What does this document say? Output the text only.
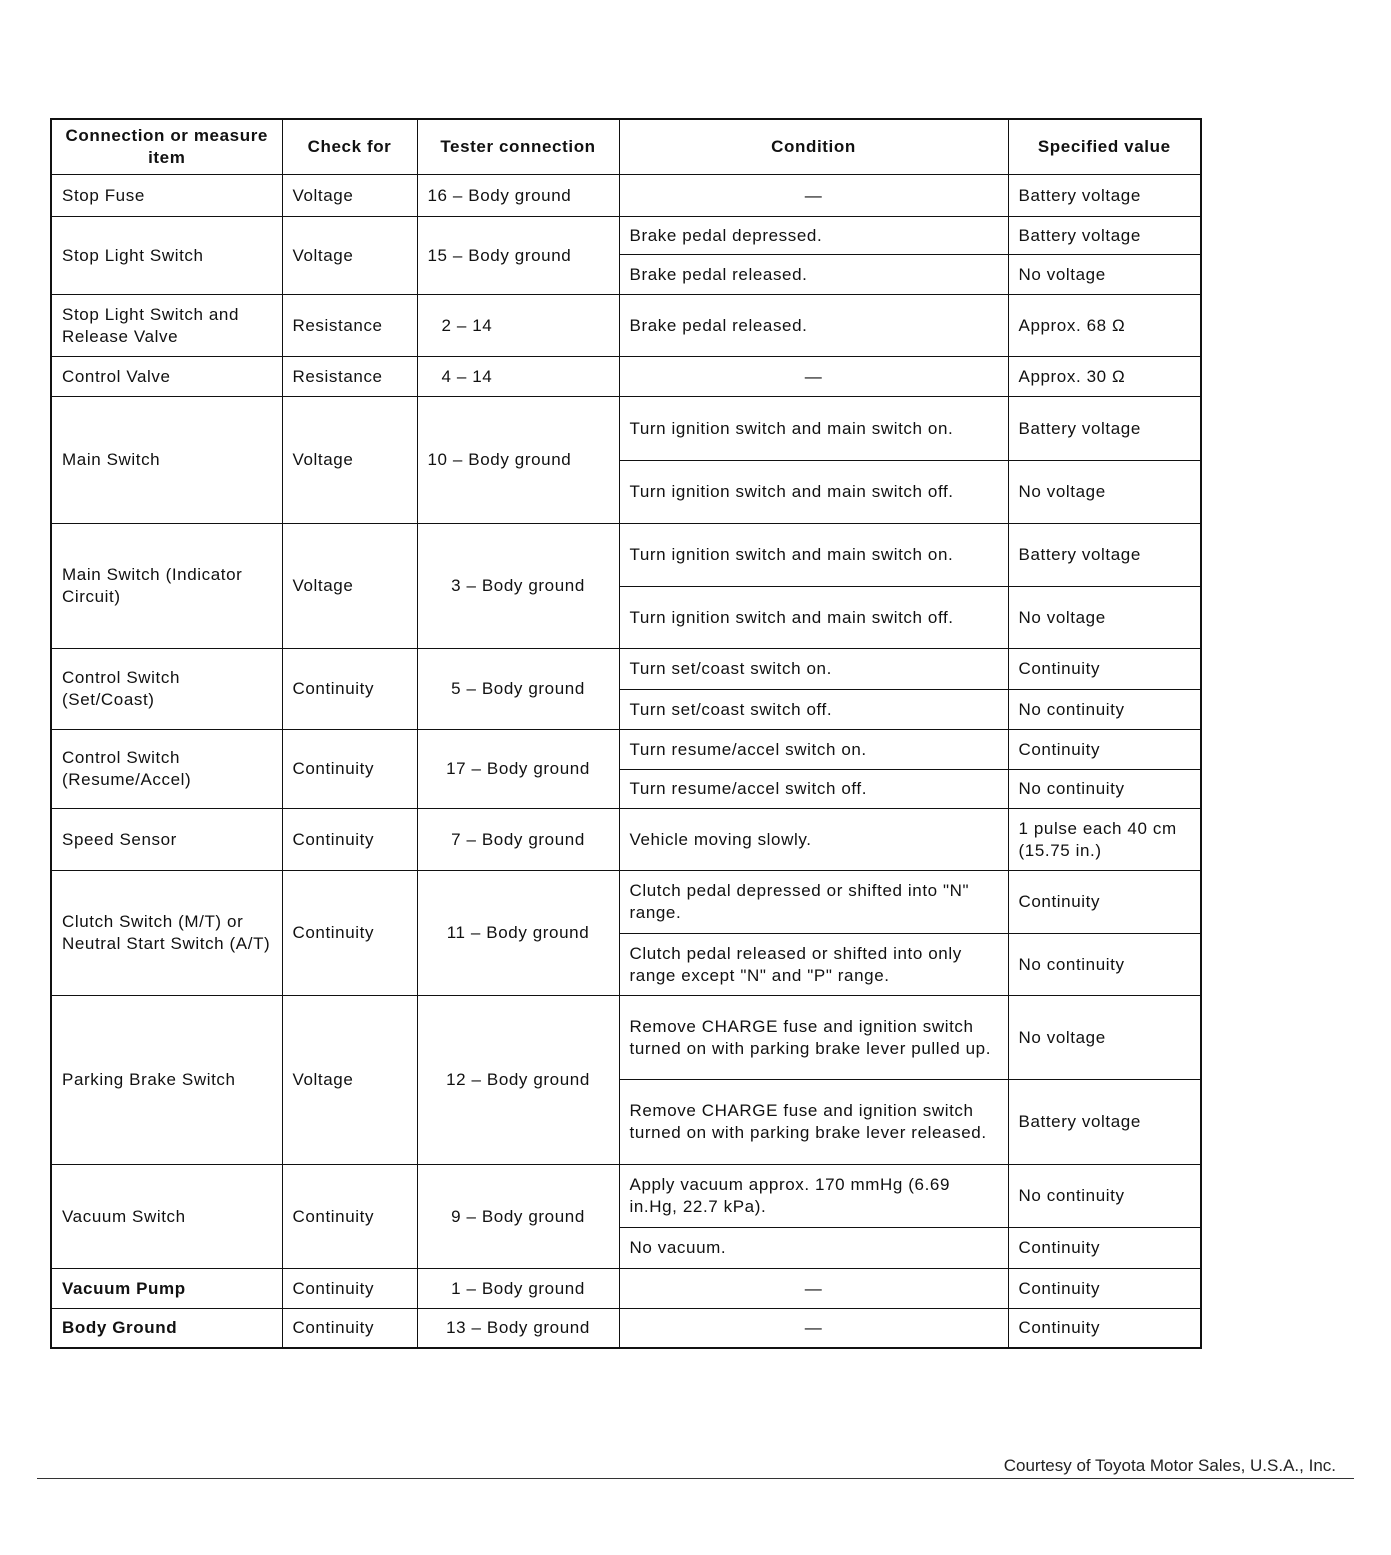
Connection or measure item	Check for	Tester connection	Condition	Specified value
Stop Fuse	Voltage	16 – Body ground	—	Battery voltage
Stop Light Switch	Voltage	15 – Body ground	Brake pedal depressed.	Battery voltage
			Brake pedal released.	No voltage
Stop Light Switch and Release Valve	Resistance	2 – 14	Brake pedal released.	Approx. 68 Ω
Control Valve	Resistance	4 – 14	—	Approx. 30 Ω
Main Switch	Voltage	10 – Body ground	Turn ignition switch and main switch on.	Battery voltage
			Turn ignition switch and main switch off.	No voltage
Main Switch (Indicator Circuit)	Voltage	3 – Body ground	Turn ignition switch and main switch on.	Battery voltage
			Turn ignition switch and main switch off.	No voltage
Control Switch (Set/Coast)	Continuity	5 – Body ground	Turn set/coast switch on.	Continuity
			Turn set/coast switch off.	No continuity
Control Switch (Resume/Accel)	Continuity	17 – Body ground	Turn resume/accel switch on.	Continuity
			Turn resume/accel switch off.	No continuity
Speed Sensor	Continuity	7 – Body ground	Vehicle moving slowly.	1 pulse each 40 cm (15.75 in.)
Clutch Switch (M/T) or Neutral Start Switch (A/T)	Continuity	11 – Body ground	Clutch pedal depressed or shifted into "N" range.	Continuity
			Clutch pedal released or shifted into only range except "N" and "P" range.	No continuity
Parking Brake Switch	Voltage	12 – Body ground	Remove CHARGE fuse and ignition switch turned on with parking brake lever pulled up.	No voltage
			Remove CHARGE fuse and ignition switch turned on with parking brake lever released.	Battery voltage
Vacuum Switch	Continuity	9 – Body ground	Apply vacuum approx. 170 mmHg (6.69 in.Hg, 22.7 kPa).	No continuity
			No vacuum.	Continuity
Vacuum Pump	Continuity	1 – Body ground	—	Continuity
Body Ground	Continuity	13 – Body ground	—	Continuity
Courtesy of Toyota Motor Sales, U.S.A., Inc.
